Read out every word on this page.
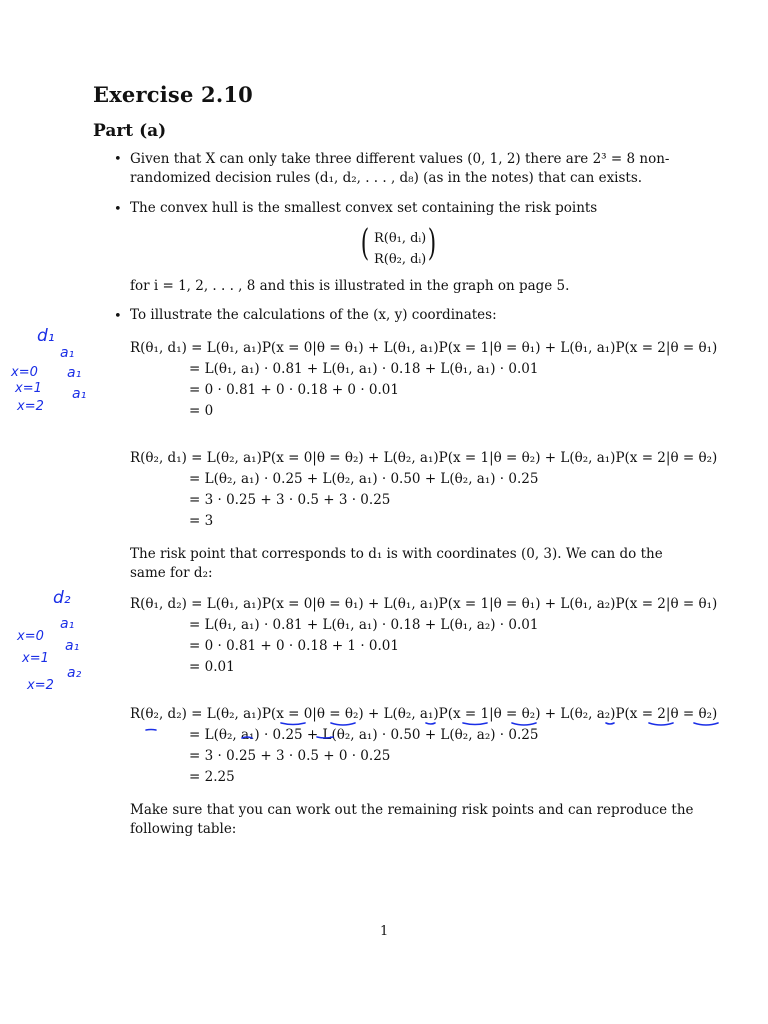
Exercise 2.10
Part (a)
• Given that X can only take three different values (0, 1, 2) there are 2³ = 8 non-
randomized decision rules (d₁, d₂, . . . , d₈) (as in the notes) that can exists.
• The convex hull is the smallest convex set containing the risk points
( R(θ₁, dᵢ)
R(θ₂, dᵢ) )
for i = 1, 2, . . . , 8 and this is illustrated in the graph on page 5.
• To illustrate the calculations of the (x, y) coordinates:
R(θ₁, d₁) = L(θ₁, a₁)P(x = 0|θ = θ₁) + L(θ₁, a₁)P(x = 1|θ = θ₁) + L(θ₁, a₁)P(x = 2|θ = θ₁)
= L(θ₁, a₁) · 0.81 + L(θ₁, a₁) · 0.18 + L(θ₁, a₁) · 0.01
= 0 · 0.81 + 0 · 0.18 + 0 · 0.01
= 0
R(θ₂, d₁) = L(θ₂, a₁)P(x = 0|θ = θ₂) + L(θ₂, a₁)P(x = 1|θ = θ₂) + L(θ₂, a₁)P(x = 2|θ = θ₂)
= L(θ₂, a₁) · 0.25 + L(θ₂, a₁) · 0.50 + L(θ₂, a₁) · 0.25
= 3 · 0.25 + 3 · 0.5 + 3 · 0.25
= 3
The risk point that corresponds to d₁ is with coordinates (0, 3). We can do the
same for d₂:
R(θ₁, d₂) = L(θ₁, a₁)P(x = 0|θ = θ₁) + L(θ₁, a₁)P(x = 1|θ = θ₁) + L(θ₁, a₂)P(x = 2|θ = θ₁)
= L(θ₁, a₁) · 0.81 + L(θ₁, a₁) · 0.18 + L(θ₁, a₂) · 0.01
= 0 · 0.81 + 0 · 0.18 + 1 · 0.01
= 0.01
R(θ₂, d₂) = L(θ₂, a₁)P(x = 0|θ = θ₂) + L(θ₂, a₁)P(x = 1|θ = θ₂) + L(θ₂, a₂)P(x = 2|θ = θ₂)
= L(θ₂, a₁) · 0.25 + L(θ₂, a₁) · 0.50 + L(θ₂, a₂) · 0.25
= 3 · 0.25 + 3 · 0.5 + 0 · 0.25
= 2.25
Make sure that you can work out the remaining risk points and can reproduce the
following table:
1
d₁
a₁
x=0 a₁
x=1 a₁
x=2
d₂
x=0
a₁
x=1
a₁
x=2
a₂
